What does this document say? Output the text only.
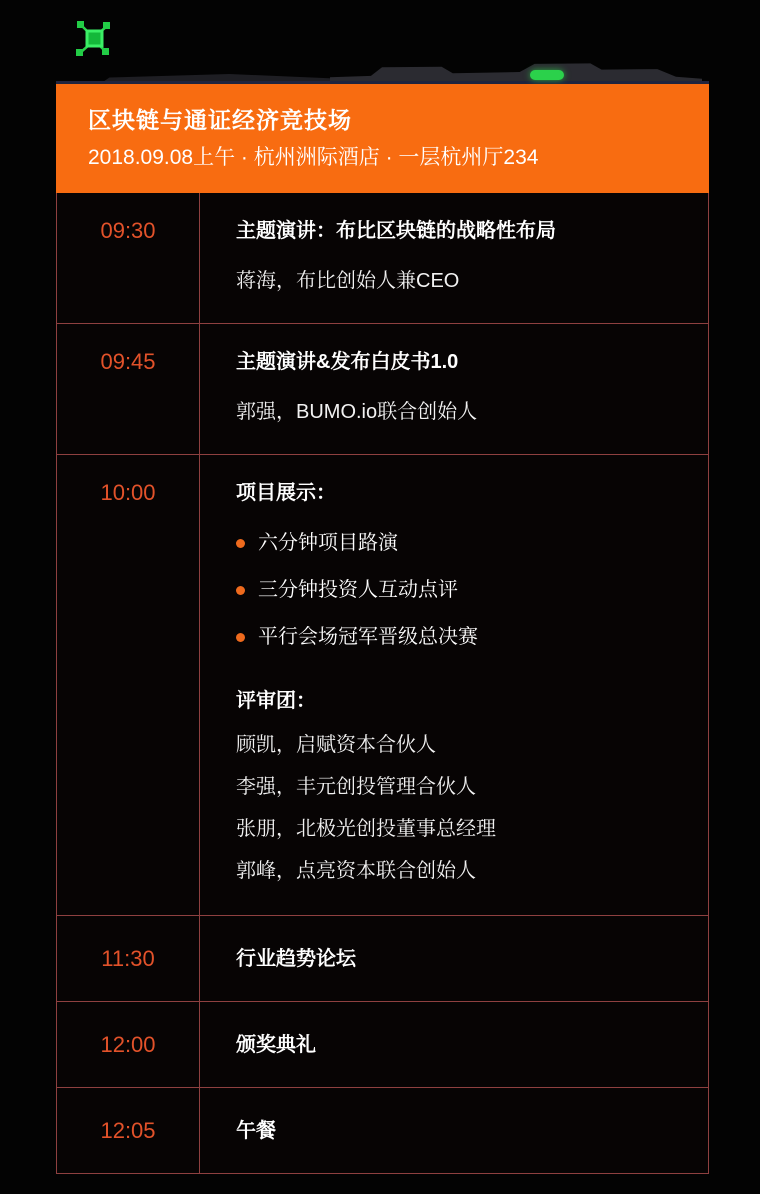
区块链与通证经济竞技场
2018.09.08上午 · 杭州洲际酒店 · 一层杭州厅234
09:30	主题演讲：布比区块链的战略性布局
蒋海，布比创始人兼CEO
09:45	主题演讲&发布白皮书1.0
郭强，BUMO.io联合创始人
10:00	项目展示：
六分钟项目路演
三分钟投资人互动点评
平行会场冠军晋级总决赛
评审团：
顾凯，启赋资本合伙人
李强，丰元创投管理合伙人
张朋，北极光创投董事总经理
郭峰，点亮资本联合创始人
11:30	行业趋势论坛
12:00	颁奖典礼
12:05	午餐
